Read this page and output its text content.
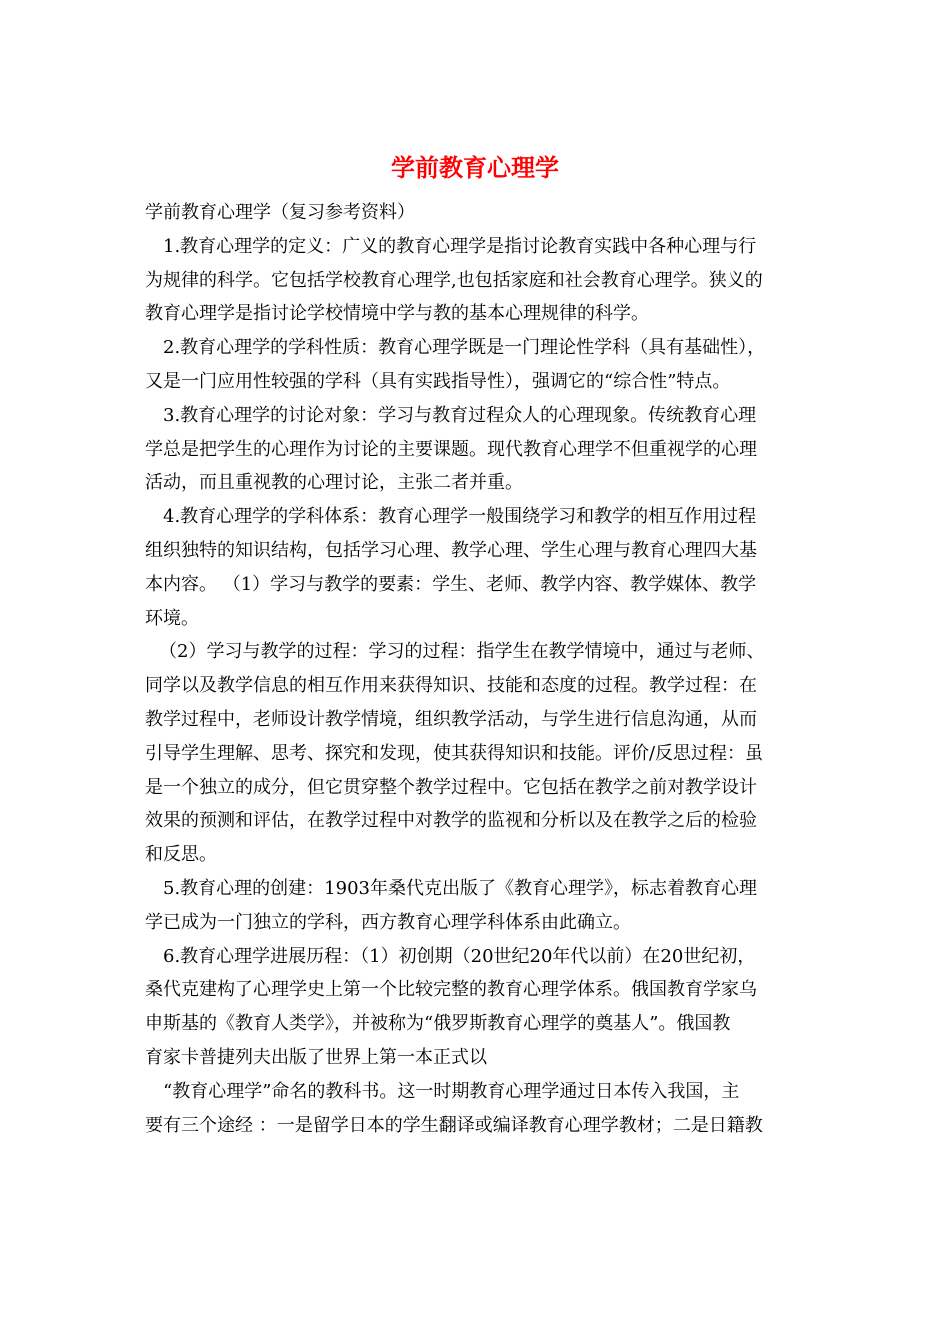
学前教育心理学

学前教育心理学（复习参考资料）

1.教育心理学的定义：广义的教育心理学是指讨论教育实践中各种心理与行

为规律的科学。它包括学校教育心理学,也包括家庭和社会教育心理学。狭义的

教育心理学是指讨论学校情境中学与教的基本心理规律的科学。

2.教育心理学的学科性质：教育心理学既是一门理论性学科（具有基础性），

又是一门应用性较强的学科（具有实践指导性），强调它的“综合性”特点。

3.教育心理学的讨论对象：学习与教育过程众人的心理现象。传统教育心理

学总是把学生的心理作为讨论的主要课题。现代教育心理学不但重视学的心理

活动，而且重视教的心理讨论，主张二者并重。

4.教育心理学的学科体系：教育心理学一般围绕学习和教学的相互作用过程

组织独特的知识结构，包括学习心理、教学心理、学生心理与教育心理四大基

本内容。 （1）学习与教学的要素：学生、老师、教学内容、教学媒体、教学

环境。

（2）学习与教学的过程：学习的过程：指学生在教学情境中，通过与老师、

同学以及教学信息的相互作用来获得知识、技能和态度的过程。教学过程：在

教学过程中，老师设计教学情境，组织教学活动，与学生进行信息沟通，从而

引导学生理解、思考、探究和发现，使其获得知识和技能。评价/反思过程：虽

是一个独立的成分，但它贯穿整个教学过程中。它包括在教学之前对教学设计

效果的预测和评估，在教学过程中对教学的监视和分析以及在教学之后的检验

和反思。

5.教育心理的创建：1903年桑代克出版了《教育心理学》，标志着教育心理

学已成为一门独立的学科，西方教育心理学科体系由此确立。

6.教育心理学进展历程：（1）初创期（20世纪20年代以前）在20世纪初，

桑代克建构了心理学史上第一个比较完整的教育心理学体系。俄国教育学家乌

申斯基的《教育人类学》，并被称为“俄罗斯教育心理学的奠基人”。俄国教

育家卡普捷列夫出版了世界上第一本正式以

“教育心理学”命名的教科书。这一时期教育心理学通过日本传入我国，主

要有三个途经 ：一是留学日本的学生翻译或编译教育心理学教材；二是日籍教
